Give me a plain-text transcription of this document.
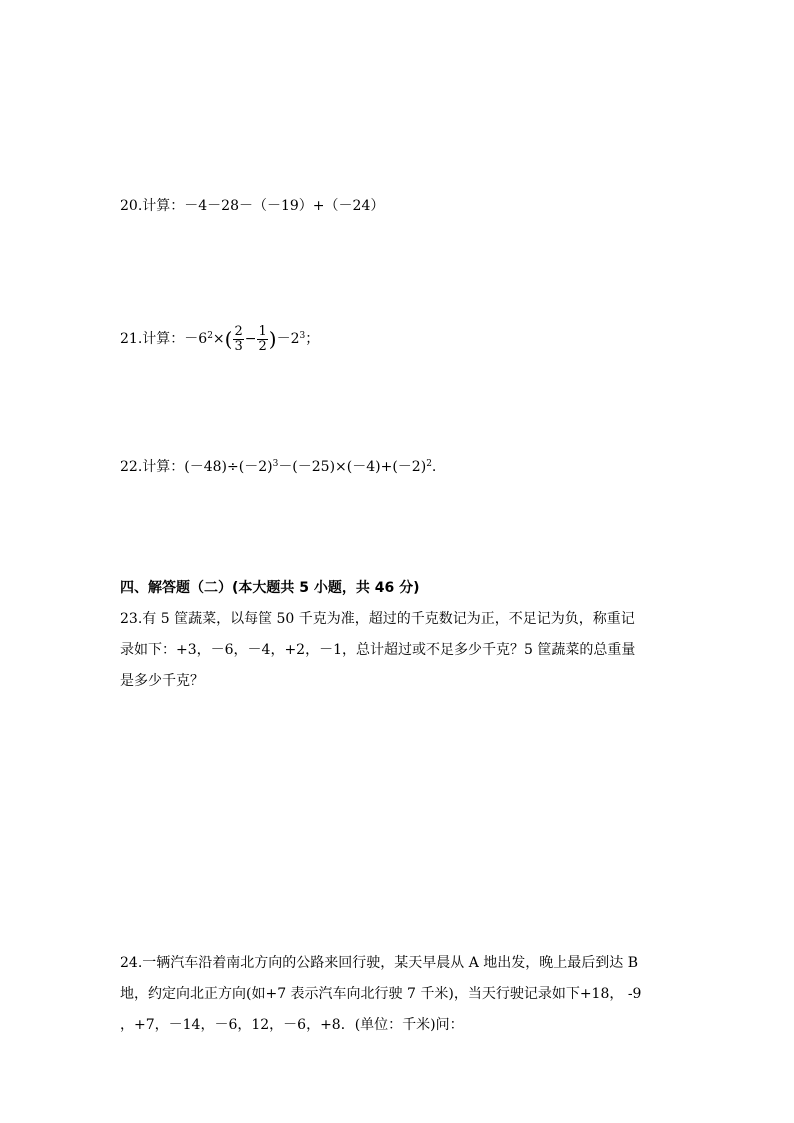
20.计算：－4－28－（－19）+（－24）
21.计算：$-6^2\times( \frac{2}{3} - \frac{1}{2} )-2^3$；
22.计算：$(-48)\div(-2)^3-(-25)\times(-4)+(-2)^2$.
四、解答题（二）(本大题共 5 小题，共 46 分)
23.有 5 筐蔬菜，以每筐 50 千克为准，超过的千克数记为正，不足记为负，称重记
录如下：+3，－6，－4，+2，－1，总计超过或不足多少千克？5 筐蔬菜的总重量
是多少千克？
24.一辆汽车沿着南北方向的公路来回行驶，某天早晨从 A 地出发，晚上最后到达 B
地，约定向北正方向(如+7 表示汽车向北行驶 7 千米)，当天行驶记录如下+18， -9
，+7，－14，－6，12，－6，+8．(单位：千米)问：
